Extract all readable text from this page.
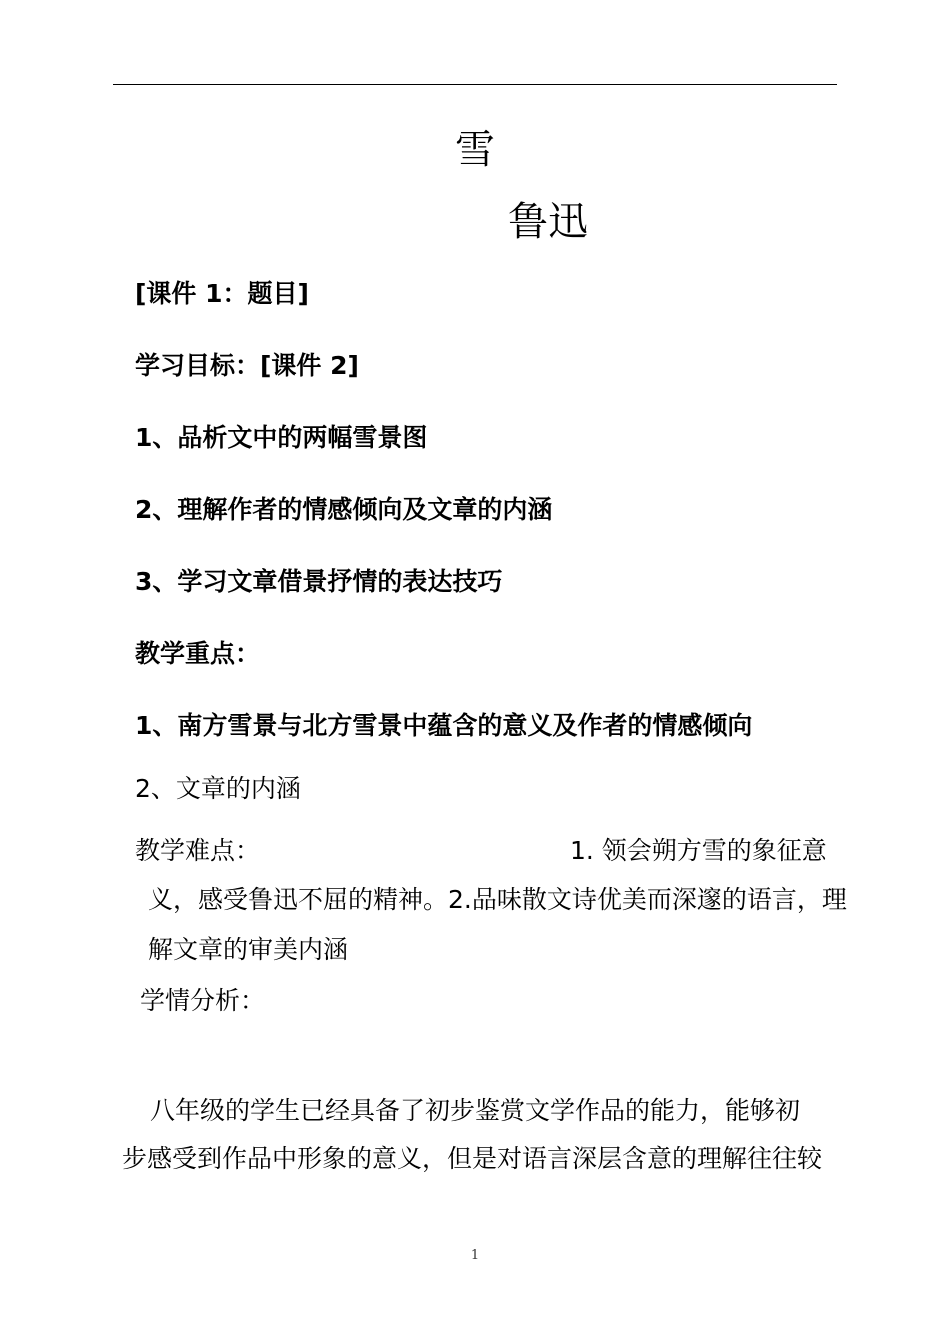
雪
鲁迅
[课件 1：题目]
学习目标：[课件 2]
1、品析文中的两幅雪景图
2、理解作者的情感倾向及文章的内涵
3、学习文章借景抒情的表达技巧
教学重点：
1、南方雪景与北方雪景中蕴含的意义及作者的情感倾向
2、文章的内涵
教学难点：	1. 领会朔方雪的象征意
义，感受鲁迅不屈的精神。2.品味散文诗优美而深邃的语言，理
解文章的审美内涵
学情分析：
八年级的学生已经具备了初步鉴赏文学作品的能力，能够初
步感受到作品中形象的意义，但是对语言深层含意的理解往往较
1
